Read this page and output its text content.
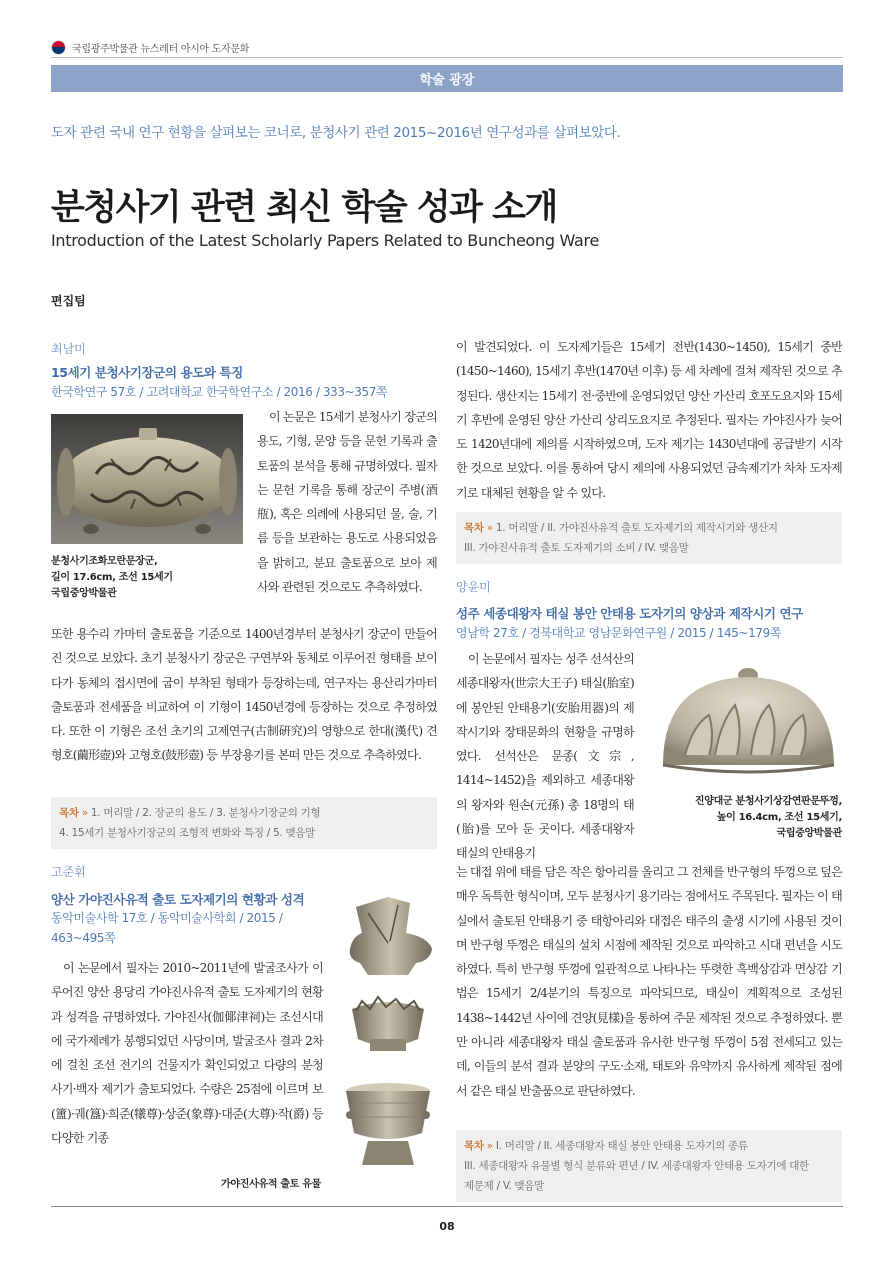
국립광주박물관 뉴스레터 아시아 도자문화
학술 광장
도자 관련 국내 연구 현황을 살펴보는 코너로, 분청사기 관련 2015~2016년 연구성과를 살펴보았다.
분청사기 관련 최신 학술 성과 소개
Introduction of the Latest Scholarly Papers Related to Buncheong Ware
편집팀
최남미
15세기 분청사기장군의 용도와 특징
한국학연구 57호 / 고려대학교 한국학연구소 / 2016 / 333~357쪽
분청사기조화모란문장군,
길이 17.6cm, 조선 15세기
국립중앙박물관
이 논문은 15세기 분청사기 장군의 용도, 기형, 문양 등을 문헌 기록과 출토품의 분석을 통해 규명하였다. 필자는 문헌 기록을 통해 장군이 주병(酒甁), 혹은 의례에 사용되던 물, 술, 기름 등을 보관하는 용도로 사용되었음을 밝히고, 분묘 출토품으로 보아 제사와 관련된 것으로도 추측하였다.
또한 용수리 가마터 출토품을 기준으로 1400년경부터 분청사기 장군이 만들어진 것으로 보았다. 초기 분청사기 장군은 구연부와 동체로 이루어진 형태를 보이다가 동체의 접시면에 굽이 부착된 형태가 등장하는데, 연구자는 용산리가마터 출토품과 전세품을 비교하여 이 기형이 1450년경에 등장하는 것으로 추정하였다. 또한 이 기형은 조선 초기의 고제연구(古制硏究)의 영향으로 한대(漢代) 견형호(繭形壺)와 고형호(鼓形壺) 등 부장용기를 본떠 만든 것으로 추측하였다.
목차 » 1. 머리말 / 2. 장군의 용도 / 3. 분청사기장군의 기형
4. 15세기 분청사기장군의 조형적 변화와 특징 / 5. 맺음말
고준휘
양산 가야진사유적 출토 도자제기의 현황과 성격
동악미술사학 17호 / 동악미술사학회 / 2015 /
463~495쪽
이 논문에서 필자는 2010~2011년에 발굴조사가 이루어진 양산 용당리 가야진사유적 출토 도자제기의 현황과 성격을 규명하였다. 가야진사(伽倻津祠)는 조선시대에 국가제례가 봉행되었던 사당이며, 발굴조사 결과 2차에 걸친 조선 전기의 건물지가 확인되었고 다량의 분청사기·백자 제기가 출토되었다. 수량은 25점에 이르며 보(簠)·궤(簋)·희준(犧尊)·상준(象尊)·대준(大尊)·작(爵) 등 다양한 기종
가야진사유적 출토 유물
이 발견되었다. 이 도자제기들은 15세기 전반(1430~1450), 15세기 중반(1450~1460), 15세기 후반(1470년 이후) 등 세 차례에 걸쳐 제작된 것으로 추정된다. 생산지는 15세기 전·중반에 운영되었던 양산 가산리 호포도요지와 15세기 후반에 운영된 양산 가산리 상리도요지로 추정된다. 필자는 가야진사가 늦어도 1420년대에 제의를 시작하였으며, 도자 제기는 1430년대에 공급받기 시작한 것으로 보았다. 이를 통하여 당시 제의에 사용되었던 금속제기가 차차 도자제기로 대체된 현황을 알 수 있다.
목차 » 1. 머리말 / II. 가야진사유적 출토 도자제기의 제작시기와 생산지
III. 가야진사유적 출토 도자제기의 소비 / IV. 맺음말
양윤미
성주 세종대왕자 태실 봉안 안태용 도자기의 양상과 제작시기 연구
영남학 27호 / 경북대학교 영남문화연구원 / 2015 / 145~179쪽
이 논문에서 필자는 성주 선석산의 세종대왕자(世宗大王子) 태실(胎室)에 봉안된 안태용기(安胎用器)의 제작시기와 장태문화의 현황을 규명하였다. 선석산은 문종(文宗, 1414~1452)을 제외하고 세종대왕의 왕자와 원손(元孫) 총 18명의 태(胎)를 모아 둔 곳이다. 세종대왕자 태실의 안태용기
진양대군 분청사기상감연판문뚜껑,
높이 16.4cm, 조선 15세기,
국립중앙박물관
는 대접 위에 태를 담은 작은 항아리를 올리고 그 전체를 반구형의 뚜껑으로 덮은 매우 독특한 형식이며, 모두 분청사기 용기라는 점에서도 주목된다. 필자는 이 태실에서 출토된 안태용기 중 태항아리와 대접은 태주의 출생 시기에 사용된 것이며 반구형 뚜껑은 태실의 설치 시점에 제작된 것으로 파악하고 시대 편년을 시도하였다. 특히 반구형 뚜껑에 일관적으로 나타나는 뚜렷한 흑백상감과 면상감 기법은 15세기 2/4분기의 특징으로 파악되므로, 태실이 계획적으로 조성된 1438~1442년 사이에 견양(見樣)을 통하여 주문 제작된 것으로 추정하였다. 뿐만 아니라 세종대왕자 태실 출토품과 유사한 반구형 뚜껑이 5점 전세되고 있는데, 이들의 분석 결과 분양의 구도·소재, 태토와 유약까지 유사하게 제작된 점에서 같은 태실 반출품으로 판단하였다.
목차 » I. 머리말 / II. 세종대왕자 태실 봉안 안태용 도자기의 종류
III. 세종대왕자 유물별 형식 분류와 편년 / IV. 세종대왕자 안태용 도자기에 대한
제문제 / V. 맺음말
08
